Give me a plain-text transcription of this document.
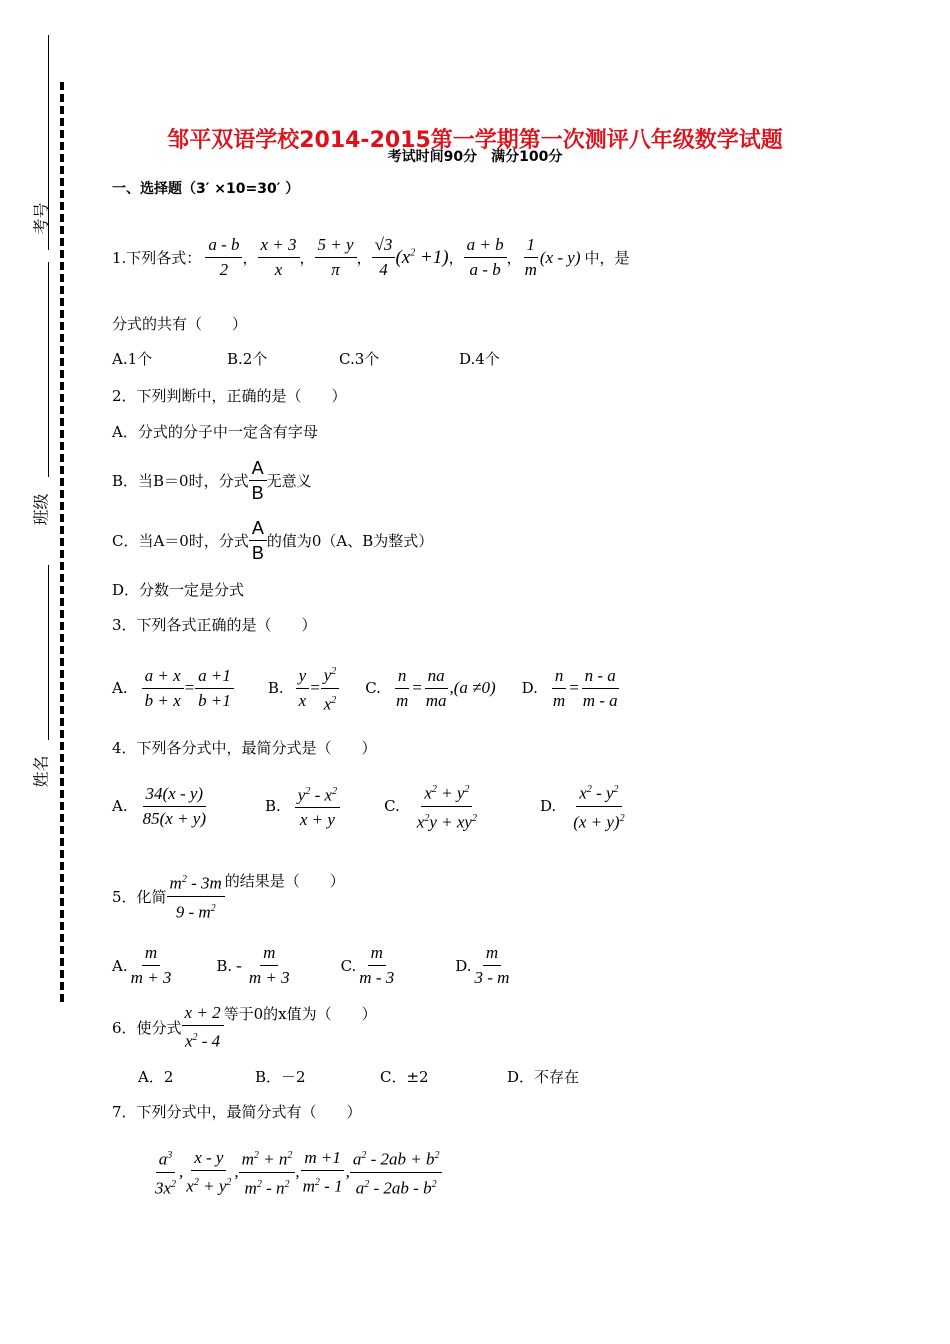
考号
班级
姓名
邹平双语学校2014-2015第一学期第一次测评八年级数学试题
考试时间90分　满分100分
一、选择题（3′ ×10=30′ ）
1.下列各式： $\frac{a - b}{2}$ ， $\frac{x + 3}{x}$ ， $\frac{5 + y}{\pi}$ ， $\frac{√3}{4} (x^2 +1)$ ， $\frac{a + b}{a - b}$ ， $\frac{1}{m} (x - y)$ 中，是
分式的共有（　　）
A.1个	B.2个	C.3个	D.4个
2．下列判断中，正确的是（　　）
A．分式的分子中一定含有字母
B．当B＝0时，分式 $\frac{A}{B}$ 无意义
C．当A＝0时，分式 $\frac{A}{B}$ 的值为0（A、B为整式）
D．分数一定是分式
3．下列各式正确的是（　　）
A. $\frac{a + x}{b + x} = \frac{a +1}{b +1} B$. $\frac{y}{x} = \frac{y^2}{x^2} C$. $\frac{n}{m} = \frac{na}{ma} ,(a \ne 0)$ D. $\frac{n}{m} = \frac{n - a}{m - a}$
4．下列各分式中，最简分式是（　　）
A. $\frac{34(x - y)}{85(x + y)}$	B. $\frac{y^2 - x^2}{x + y}$	C. $\frac{x^2 + y^2}{x^2y + xy^2}$	D. $\frac{x^2 - y^2}{(x + y)^2}$
5．化简 $\frac{m^2 - 3m}{9 - m^2}$ 的结果是（　　）
A. $\frac{m}{m + 3}$	B. - $\frac{m}{m + 3}$	C. $\frac{m}{m - 3}$	D. $\frac{m}{3 - m}$
6．使分式 $\frac{x + 2}{x^2 - 4}$ 等于0的x值为（　　）
A．2	B．－2	C．±2	D．不存在
7．下列分式中，最简分式有（　　）
$\frac{a^3}{3x^2}$ , $\frac{x - y}{x^2 + y^2}$ , $\frac{m^2 + n^2}{m^2 - n^2}$ , $\frac{m +1}{m^2 - 1}$ , $\frac{a^2 - 2ab + b^2}{a^2 - 2ab - b^2}$
